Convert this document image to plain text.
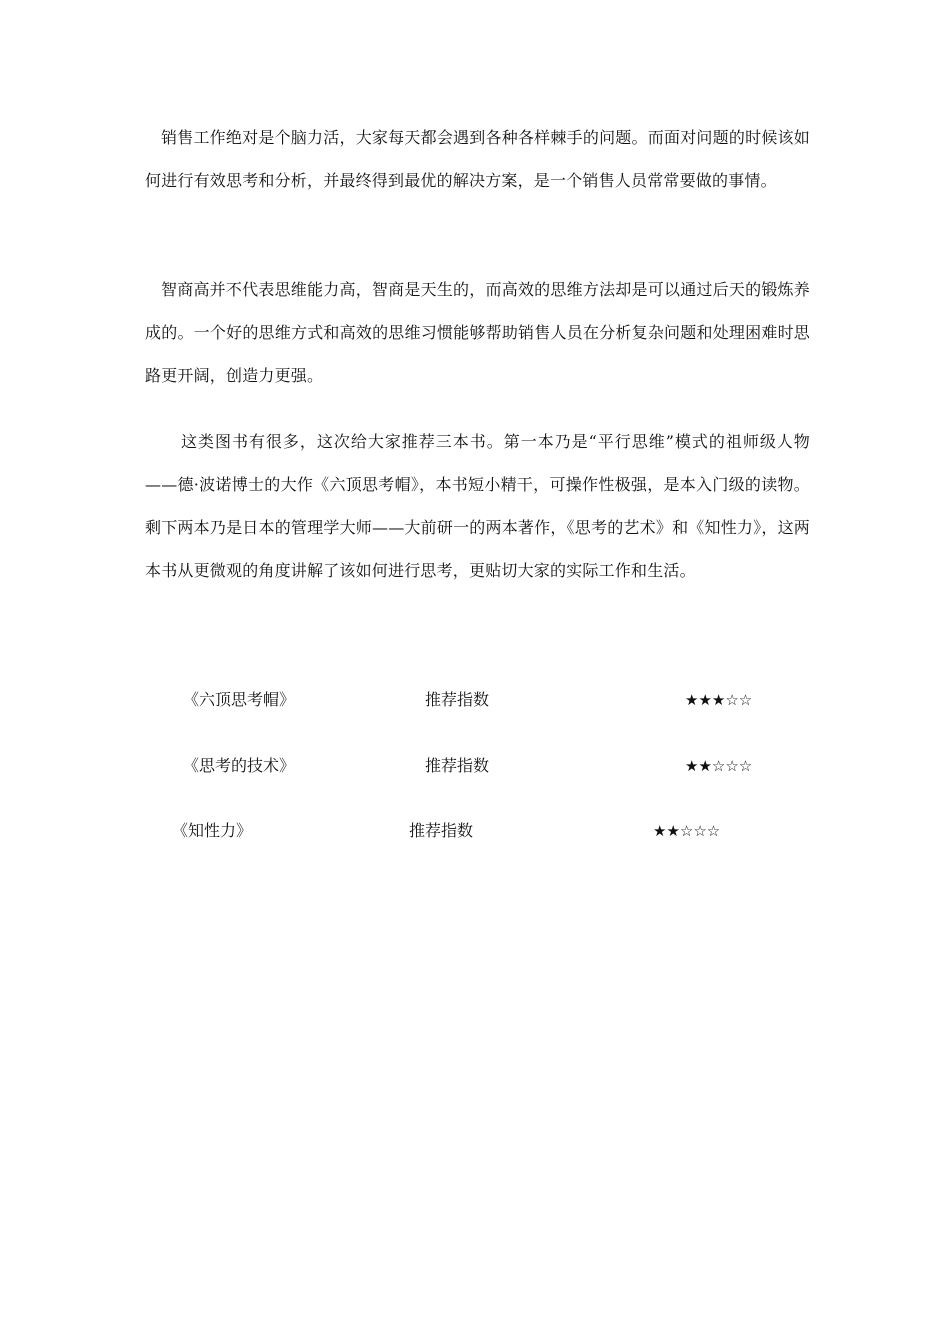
销售工作绝对是个脑力活，大家每天都会遇到各种各样棘手的问题。而面对问题的时候该如何进行有效思考和分析，并最终得到最优的解决方案，是一个销售人员常常要做的事情。

智商高并不代表思维能力高，智商是天生的，而高效的思维方法却是可以通过后天的锻炼养成的。一个好的思维方式和高效的思维习惯能够帮助销售人员在分析复杂问题和处理困难时思路更开阔，创造力更强。

这类图书有很多，这次给大家推荐三本书。第一本乃是“平行思维”模式的祖师级人物——德·波诺博士的大作《六顶思考帽》，本书短小精干，可操作性极强，是本入门级的读物。剩下两本乃是日本的管理学大师——大前研一的两本著作，《思考的艺术》和《知性力》，这两本书从更微观的角度讲解了该如何进行思考，更贴切大家的实际工作和生活。

《六顶思考帽》	推荐指数	★★★☆☆
《思考的技术》	推荐指数	★★☆☆☆
《知性力》	推荐指数	★★☆☆☆
